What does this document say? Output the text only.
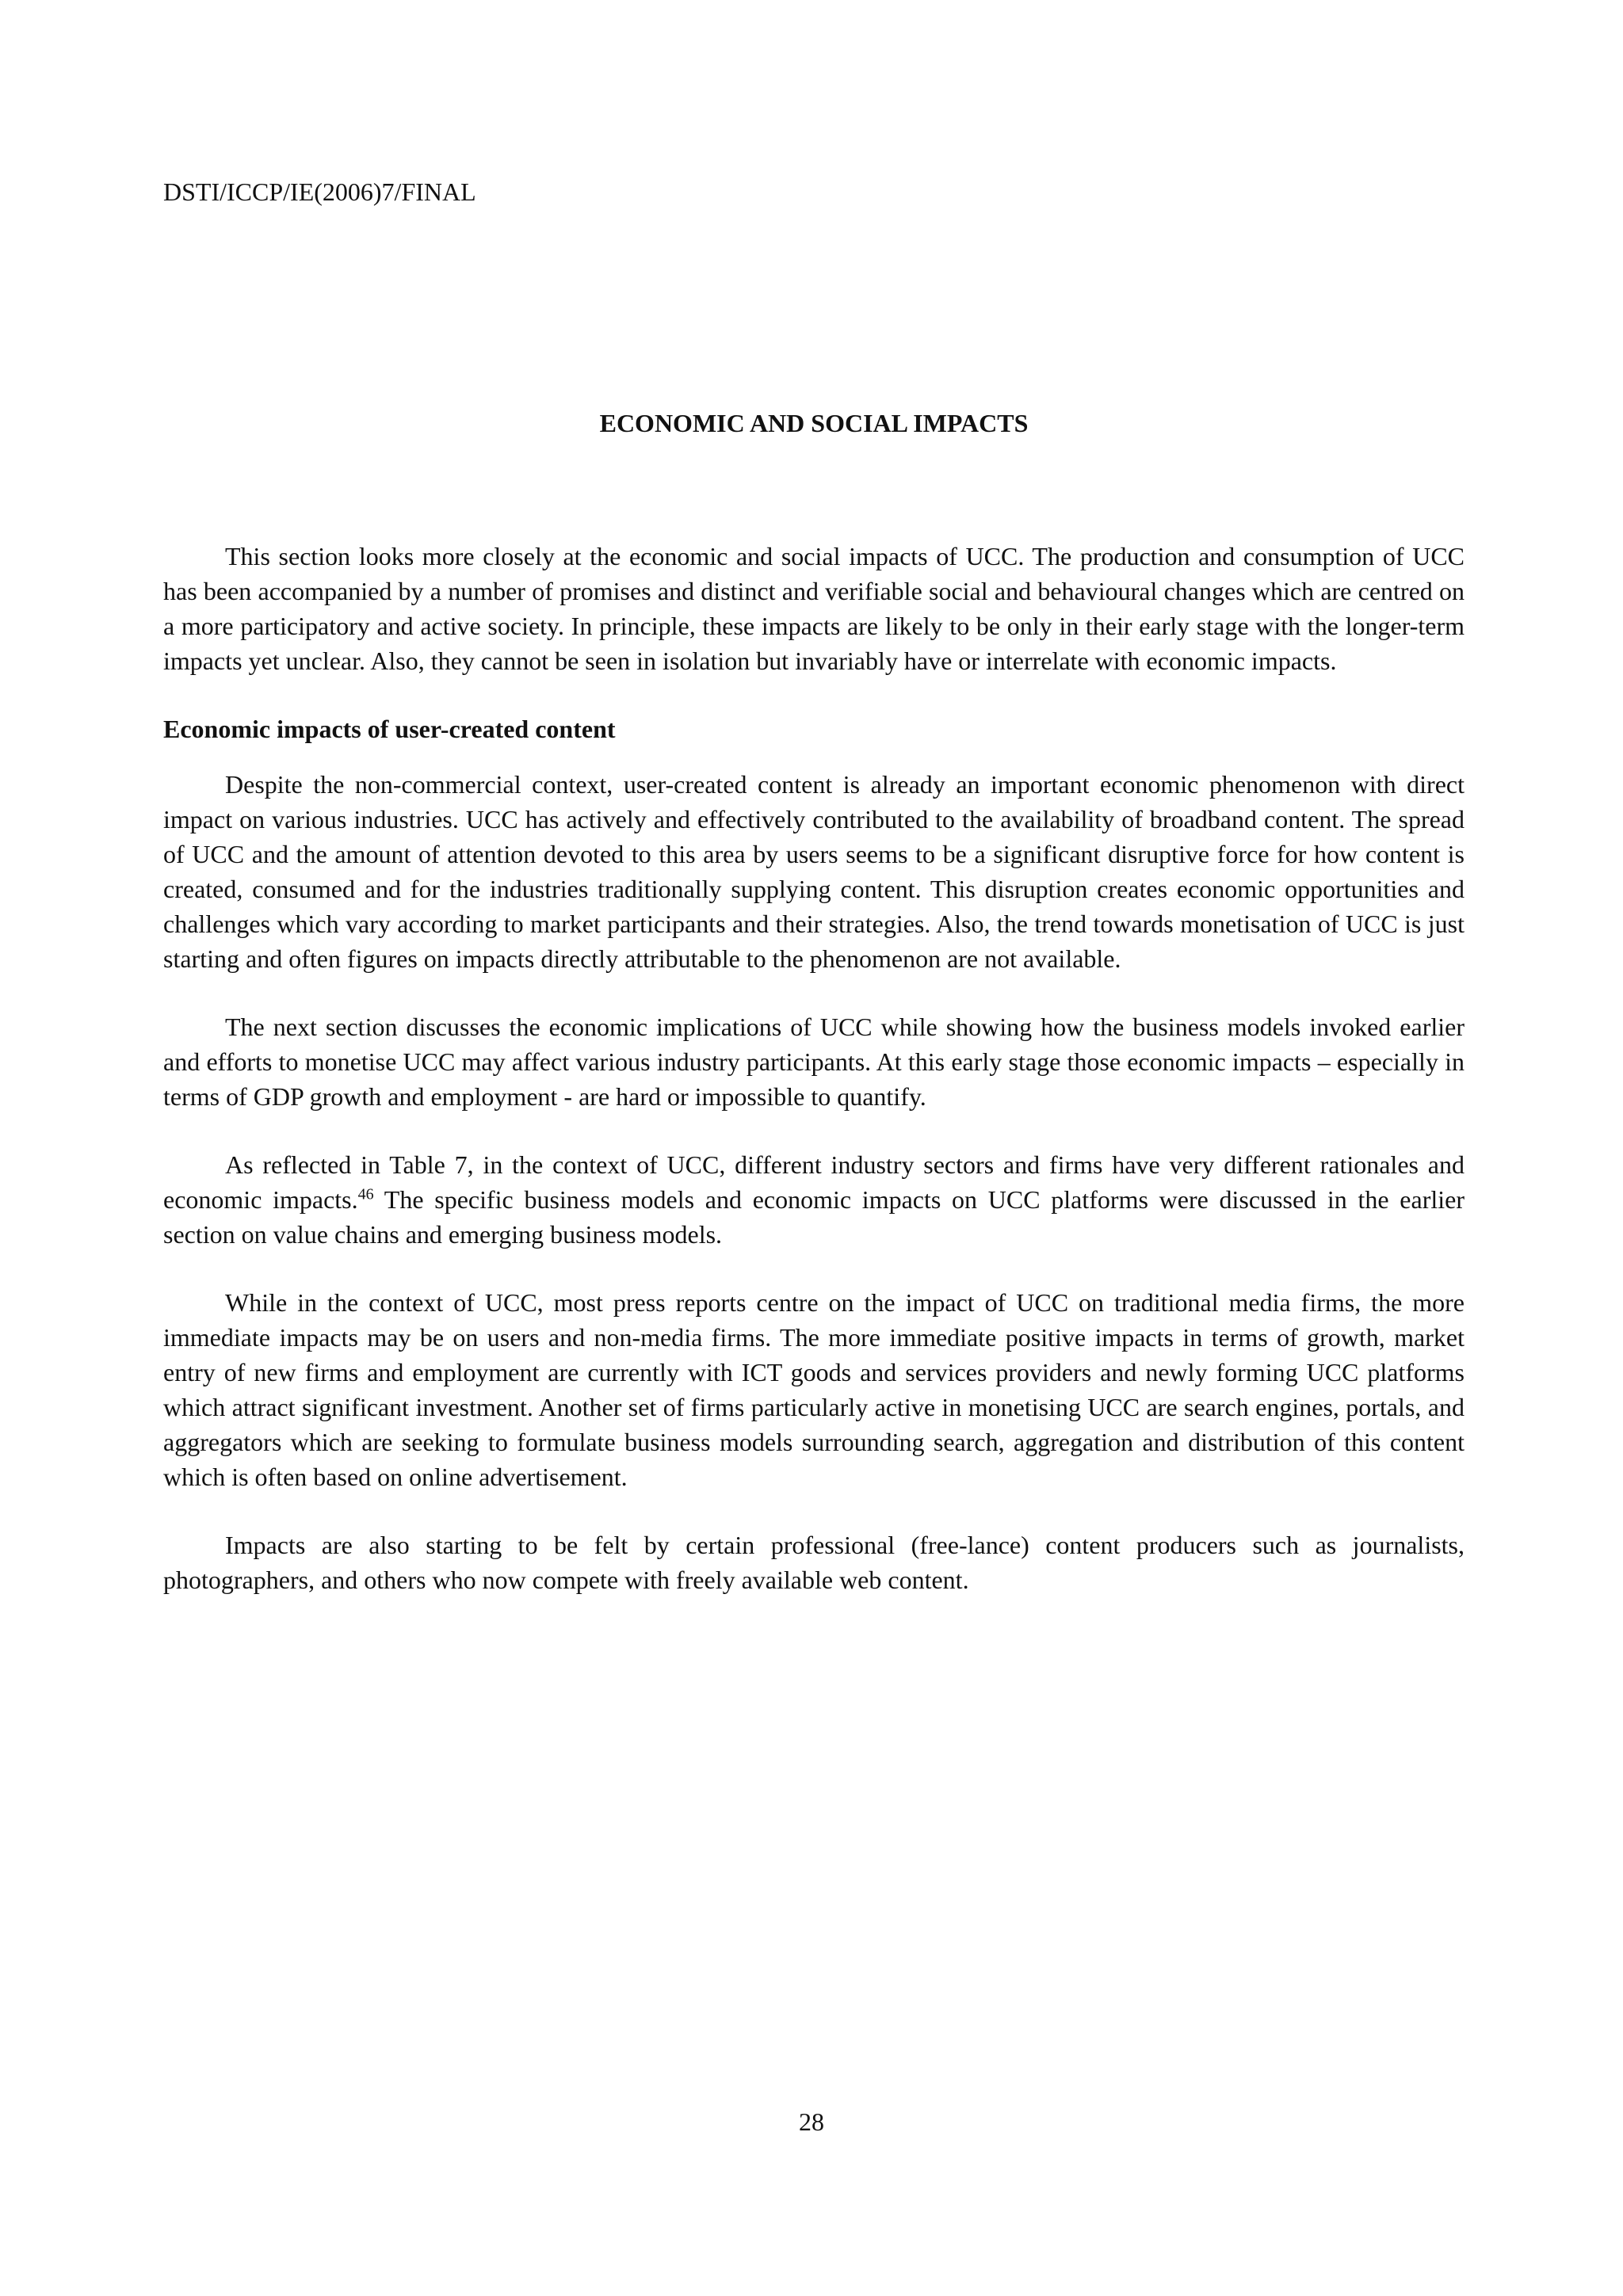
DSTI/ICCP/IE(2006)7/FINAL
ECONOMIC AND SOCIAL IMPACTS

This section looks more closely at the economic and social impacts of UCC. The production and consumption of UCC has been accompanied by a number of promises and distinct and verifiable social and behavioural changes which are centred on a more participatory and active society. In principle, these impacts are likely to be only in their early stage with the longer-term impacts yet unclear. Also, they cannot be seen in isolation but invariably have or interrelate with economic impacts.

Economic impacts of user-created content

Despite the non-commercial context, user-created content is already an important economic phenomenon with direct impact on various industries. UCC has actively and effectively contributed to the availability of broadband content. The spread of UCC and the amount of attention devoted to this area by users seems to be a significant disruptive force for how content is created, consumed and for the industries traditionally supplying content. This disruption creates economic opportunities and challenges which vary according to market participants and their strategies. Also, the trend towards monetisation of UCC is just starting and often figures on impacts directly attributable to the phenomenon are not available.

The next section discusses the economic implications of UCC while showing how the business models invoked earlier and efforts to monetise UCC may affect various industry participants. At this early stage those economic impacts – especially in terms of GDP growth and employment - are hard or impossible to quantify.

As reflected in Table 7, in the context of UCC, different industry sectors and firms have very different rationales and economic impacts.$^{46}$ The specific business models and economic impacts on UCC platforms were discussed in the earlier section on value chains and emerging business models.

While in the context of UCC, most press reports centre on the impact of UCC on traditional media firms, the more immediate impacts may be on users and non-media firms. The more immediate positive impacts in terms of growth, market entry of new firms and employment are currently with ICT goods and services providers and newly forming UCC platforms which attract significant investment. Another set of firms particularly active in monetising UCC are search engines, portals, and aggregators which are seeking to formulate business models surrounding search, aggregation and distribution of this content which is often based on online advertisement.

Impacts are also starting to be felt by certain professional (free-lance) content producers such as journalists, photographers, and others who now compete with freely available web content.

28
